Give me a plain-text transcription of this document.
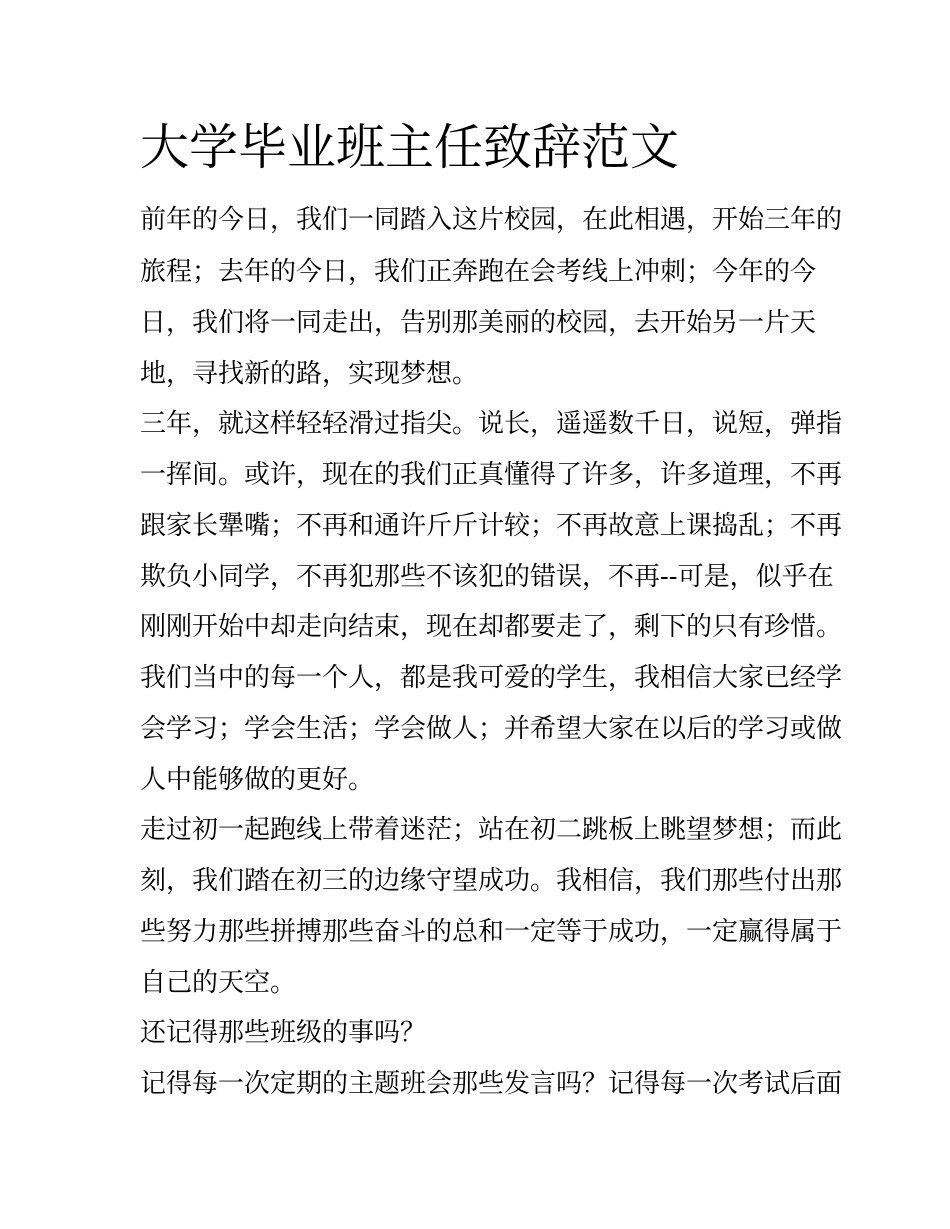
大学毕业班主任致辞范文

前年的今日，我们一同踏入这片校园，在此相遇，开始三年的

旅程；去年的今日，我们正奔跑在会考线上冲刺；今年的今

日，我们将一同走出，告别那美丽的校园，去开始另一片天

地，寻找新的路，实现梦想。

三年，就这样轻轻滑过指尖。说长，遥遥数千日，说短，弹指

一挥间。或许，现在的我们正真懂得了许多，许多道理，不再

跟家长犟嘴；不再和通许斤斤计较；不再故意上课捣乱；不再

欺负小同学，不再犯那些不该犯的错误，不再--可是，似乎在

刚刚开始中却走向结束，现在却都要走了，剩下的只有珍惜。

我们当中的每一个人，都是我可爱的学生，我相信大家已经学

会学习；学会生活；学会做人；并希望大家在以后的学习或做

人中能够做的更好。

走过初一起跑线上带着迷茫；站在初二跳板上眺望梦想；而此

刻，我们踏在初三的边缘守望成功。我相信，我们那些付出那

些努力那些拼搏那些奋斗的总和一定等于成功，一定赢得属于

自己的天空。

还记得那些班级的事吗？

记得每一次定期的主题班会那些发言吗？记得每一次考试后面
